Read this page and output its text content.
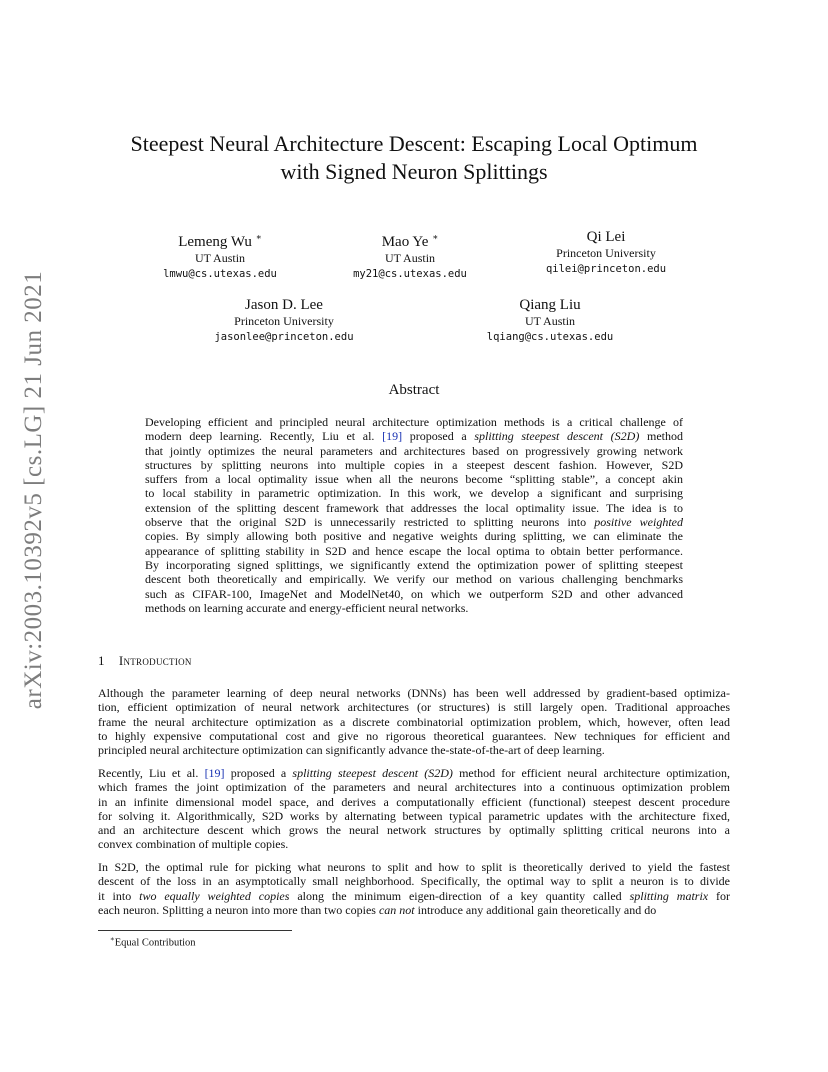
arXiv:2003.10392v5 [cs.LG] 21 Jun 2021
Steepest Neural Architecture Descent: Escaping Local Optimum
with Signed Neuron Splittings
Lemeng Wu ∗
UT Austin
lmwu@cs.utexas.edu
Mao Ye ∗
UT Austin
my21@cs.utexas.edu
Qi Lei
Princeton University
qilei@princeton.edu
Jason D. Lee
Princeton University
jasonlee@princeton.edu
Qiang Liu
UT Austin
lqiang@cs.utexas.edu
Abstract
Developing efficient and principled neural architecture optimization methods is a critical challenge of
modern deep learning. Recently, Liu et al. [19] proposed a splitting steepest descent (S2D) method
that jointly optimizes the neural parameters and architectures based on progressively growing network
structures by splitting neurons into multiple copies in a steepest descent fashion. However, S2D
suffers from a local optimality issue when all the neurons become “splitting stable”, a concept akin
to local stability in parametric optimization. In this work, we develop a significant and surprising
extension of the splitting descent framework that addresses the local optimality issue. The idea is to
observe that the original S2D is unnecessarily restricted to splitting neurons into positive weighted
copies. By simply allowing both positive and negative weights during splitting, we can eliminate the
appearance of splitting stability in S2D and hence escape the local optima to obtain better performance.
By incorporating signed splittings, we significantly extend the optimization power of splitting steepest
descent both theoretically and empirically. We verify our method on various challenging benchmarks
such as CIFAR-100, ImageNet and ModelNet40, on which we outperform S2D and other advanced
methods on learning accurate and energy-efficient neural networks.
1 Introduction
Although the parameter learning of deep neural networks (DNNs) has been well addressed by gradient-based optimiza-
tion, efficient optimization of neural network architectures (or structures) is still largely open. Traditional approaches
frame the neural architecture optimization as a discrete combinatorial optimization problem, which, however, often lead
to highly expensive computational cost and give no rigorous theoretical guarantees. New techniques for efficient and
principled neural architecture optimization can significantly advance the-state-of-the-art of deep learning.
Recently, Liu et al. [19] proposed a splitting steepest descent (S2D) method for efficient neural architecture optimization,
which frames the joint optimization of the parameters and neural architectures into a continuous optimization problem
in an infinite dimensional model space, and derives a computationally efficient (functional) steepest descent procedure
for solving it. Algorithmically, S2D works by alternating between typical parametric updates with the architecture fixed,
and an architecture descent which grows the neural network structures by optimally splitting critical neurons into a
convex combination of multiple copies.
In S2D, the optimal rule for picking what neurons to split and how to split is theoretically derived to yield the fastest
descent of the loss in an asymptotically small neighborhood. Specifically, the optimal way to split a neuron is to divide
it into two equally weighted copies along the minimum eigen-direction of a key quantity called splitting matrix for
each neuron. Splitting a neuron into more than two copies can not introduce any additional gain theoretically and do
∗Equal Contribution
